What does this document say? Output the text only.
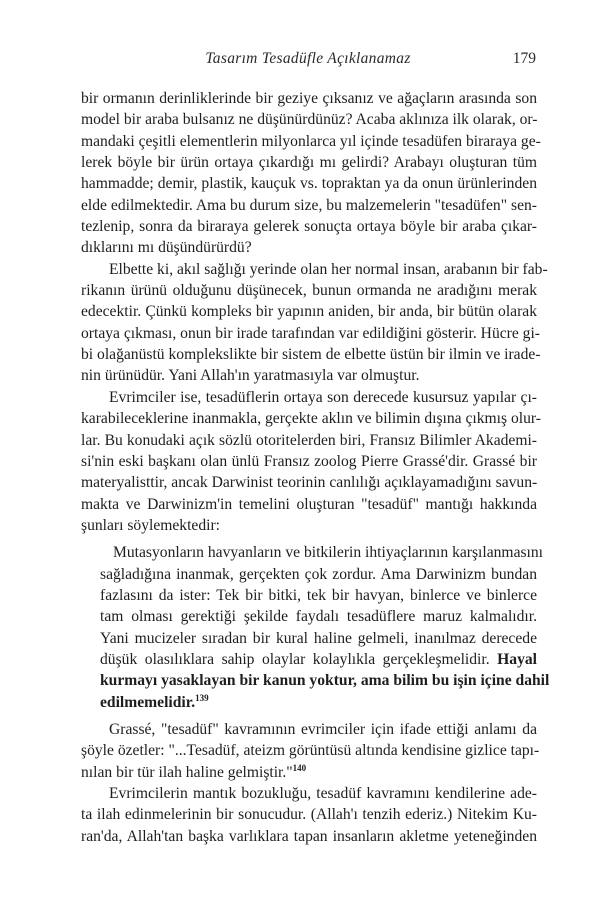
Tasarım Tesadüfle Açıklanamaz	179
bir ormanın derinliklerinde bir geziye çıksanız ve ağaçların arasında son
model bir araba bulsanız ne düşünürdünüz? Acaba aklınıza ilk olarak, or-
mandaki çeşitli elementlerin milyonlarca yıl içinde tesadüfen biraraya ge-
lerek böyle bir ürün ortaya çıkardığı mı gelirdi? Arabayı oluşturan tüm
hammadde; demir, plastik, kauçuk vs. topraktan ya da onun ürünlerinden
elde edilmektedir. Ama bu durum size, bu malzemelerin "tesadüfen" sen-
tezlenip, sonra da biraraya gelerek sonuçta ortaya böyle bir araba çıkar-
dıklarını mı düşündürürdü?
Elbette ki, akıl sağlığı yerinde olan her normal insan, arabanın bir fab-
rikanın ürünü olduğunu düşünecek, bunun ormanda ne aradığını merak
edecektir. Çünkü kompleks bir yapının aniden, bir anda, bir bütün olarak
ortaya çıkması, onun bir irade tarafından var edildiğini gösterir. Hücre gi-
bi olağanüstü komplekslikte bir sistem de elbette üstün bir ilmin ve irade-
nin ürünüdür. Yani Allah'ın yaratmasıyla var olmuştur.
Evrimciler ise, tesadüflerin ortaya son derecede kusursuz yapılar çı-
karabileceklerine inanmakla, gerçekte aklın ve bilimin dışına çıkmış olur-
lar. Bu konudaki açık sözlü otoritelerden biri, Fransız Bilimler Akademi-
si'nin eski başkanı olan ünlü Fransız zoolog Pierre Grassé'dir. Grassé bir
materyalisttir, ancak Darwinist teorinin canlılığı açıklayamadığını savun-
makta ve Darwinizm'in temelini oluşturan "tesadüf" mantığı hakkında
şunları söylemektedir:
Mutasyonların havyanların ve bitkilerin ihtiyaçlarının karşılanmasını
sağladığına inanmak, gerçekten çok zordur. Ama Darwinizm bundan
fazlasını da ister: Tek bir bitki, tek bir havyan, binlerce ve binlerce
tam olması gerektiği şekilde faydalı tesadüflere maruz kalmalıdır.
Yani mucizeler sıradan bir kural haline gelmeli, inanılmaz derecede
düşük olasılıklara sahip olaylar kolaylıkla gerçekleşmelidir. Hayal
kurmayı yasaklayan bir kanun yoktur, ama bilim bu işin içine dahil
edilmemelidir.$^{139}$
Grassé, "tesadüf" kavramının evrimciler için ifade ettiği anlamı da
şöyle özetler: "...Tesadüf, ateizm görüntüsü altında kendisine gizlice tapı-
nılan bir tür ilah haline gelmiştir."$^{140}$
Evrimcilerin mantık bozukluğu, tesadüf kavramını kendilerine ade-
ta ilah edinmelerinin bir sonucudur. (Allah'ı tenzih ederiz.) Nitekim Ku-
ran'da, Allah'tan başka varlıklara tapan insanların akletme yeteneğinden
